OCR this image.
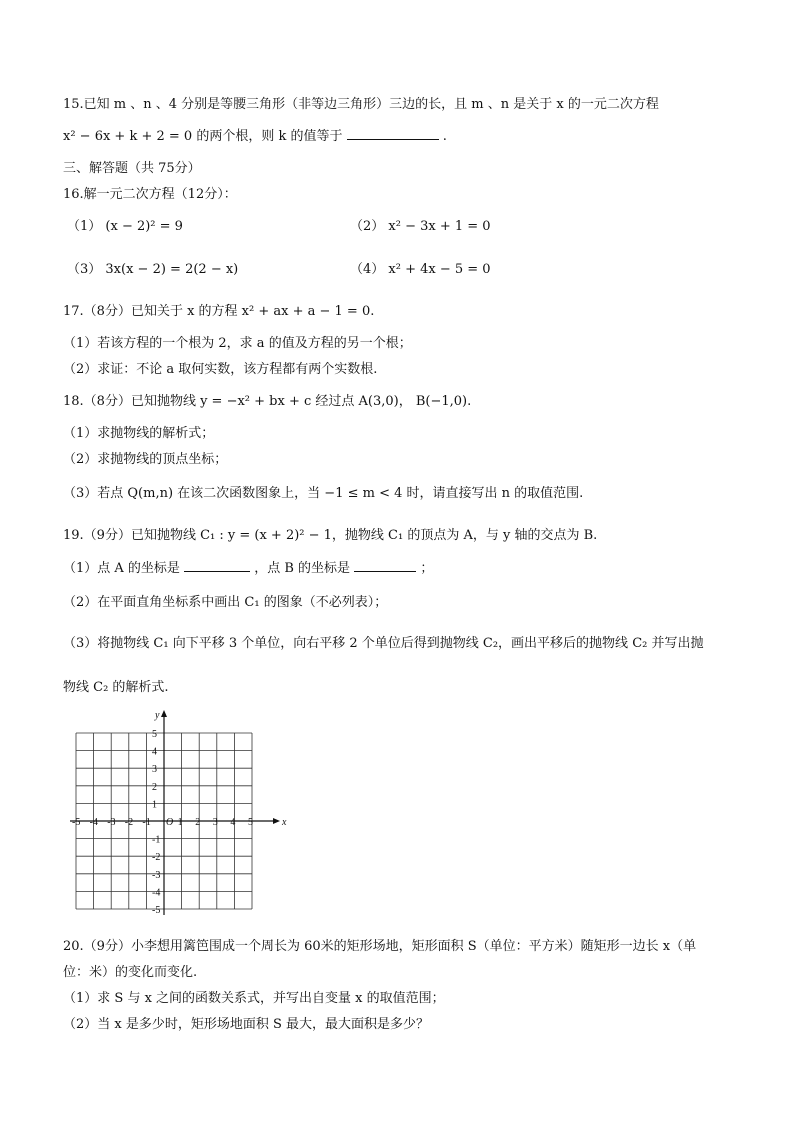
15.已知 m 、n 、4 分别是等腰三角形（非等边三角形）三边的长，且 m 、n 是关于 x 的一元二次方程
x² − 6x + k + 2 = 0 的两个根，则 k 的值等于	.
三、解答题（共 75分）
16.解一元二次方程（12分）：
（1） (x − 2)² = 9	（2） x² − 3x + 1 = 0
（3） 3x(x − 2) = 2(2 − x)	（4） x² + 4x − 5 = 0
17.（8分）已知关于 x 的方程 x² + ax + a − 1 = 0.
（1）若该方程的一个根为 2，求 a 的值及方程的另一个根；
（2）求证：不论 a 取何实数，该方程都有两个实数根.
18.（8分）已知抛物线 y = −x² + bx + c 经过点 A(3,0)， B(−1,0).
（1）求抛物线的解析式；
（2）求抛物线的顶点坐标；
（3）若点 Q(m,n) 在该二次函数图象上，当 −1 ≤ m < 4 时，请直接写出 n 的取值范围.
19.（9分）已知抛物线 C₁ : y = (x + 2)² − 1，抛物线 C₁ 的顶点为 A，与 y 轴的交点为 B.
（1）点 A 的坐标是	，点 B 的坐标是	；
（2）在平面直角坐标系中画出 C₁ 的图象（不必列表）；
（3）将抛物线 C₁ 向下平移 3 个单位，向右平移 2 个单位后得到抛物线 C₂，画出平移后的抛物线 C₂ 并写出抛
物线 C₂ 的解析式.
x
y
O
-5 -4 -3 -2 -1	1 2 3 4 5
5
4
3
2
1
-1
-2
-3
-4
-5
20.（9分）小李想用篱笆围成一个周长为 60米的矩形场地，矩形面积 S（单位：平方米）随矩形一边长 x（单
位：米）的变化而变化.
（1）求 S 与 x 之间的函数关系式，并写出自变量 x 的取值范围；
（2）当 x 是多少时，矩形场地面积 S 最大，最大面积是多少？
